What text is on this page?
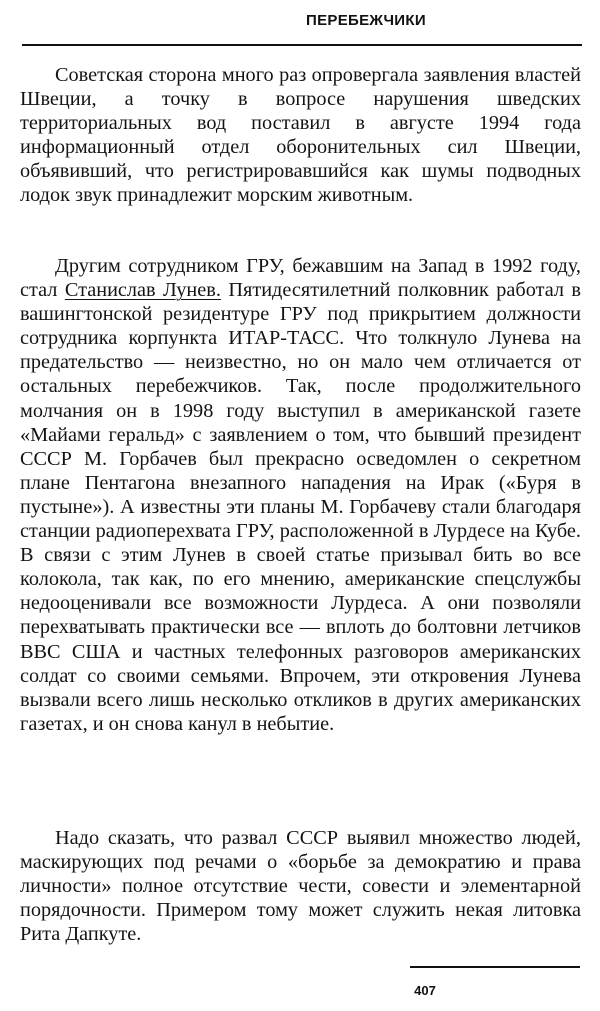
ПЕРЕБЕЖЧИКИ

Советская сторона много раз опровергала заявления властей Швеции, а точку в вопросе нарушения шведских территориальных вод поставил в августе 1994 года информационный отдел оборонительных сил Швеции, объявивший, что регистрировавшийся как шумы подводных лодок звук принадлежит морским животным.

Другим сотрудником ГРУ, бежавшим на Запад в 1992 году, стал Станислав Лунев. Пятидесятилетний полковник работал в вашингтонской резидентуре ГРУ под прикрытием должности сотрудника корпункта ИТАР-ТАСС. Что толкнуло Лунева на предательство — неизвестно, но он мало чем отличается от остальных перебежчиков. Так, после продолжительного молчания он в 1998 году выступил в американской газете «Майами геральд» с заявлением о том, что бывший президент СССР М. Горбачев был прекрасно осведомлен о секретном плане Пентагона внезапного нападения на Ирак («Буря в пустыне»). А известны эти планы М. Горбачеву стали благодаря станции радиоперехвата ГРУ, расположенной в Лурдесе на Кубе. В связи с этим Лунев в своей статье призывал бить во все колокола, так как, по его мнению, американские спецслужбы недооценивали все возможности Лурдеса. А они позволяли перехватывать практически все — вплоть до болтовни летчиков ВВС США и частных телефонных разговоров американских солдат со своими семьями. Впрочем, эти откровения Лунева вызвали всего лишь несколько откликов в других американских газетах, и он снова канул в небытие.

Надо сказать, что развал СССР выявил множество людей, маскирующих под речами о «борьбе за демократию и права личности» полное отсутствие чести, совести и элементарной порядочности. Примером тому может служить некая литовка Рита Дапкуте.

407
